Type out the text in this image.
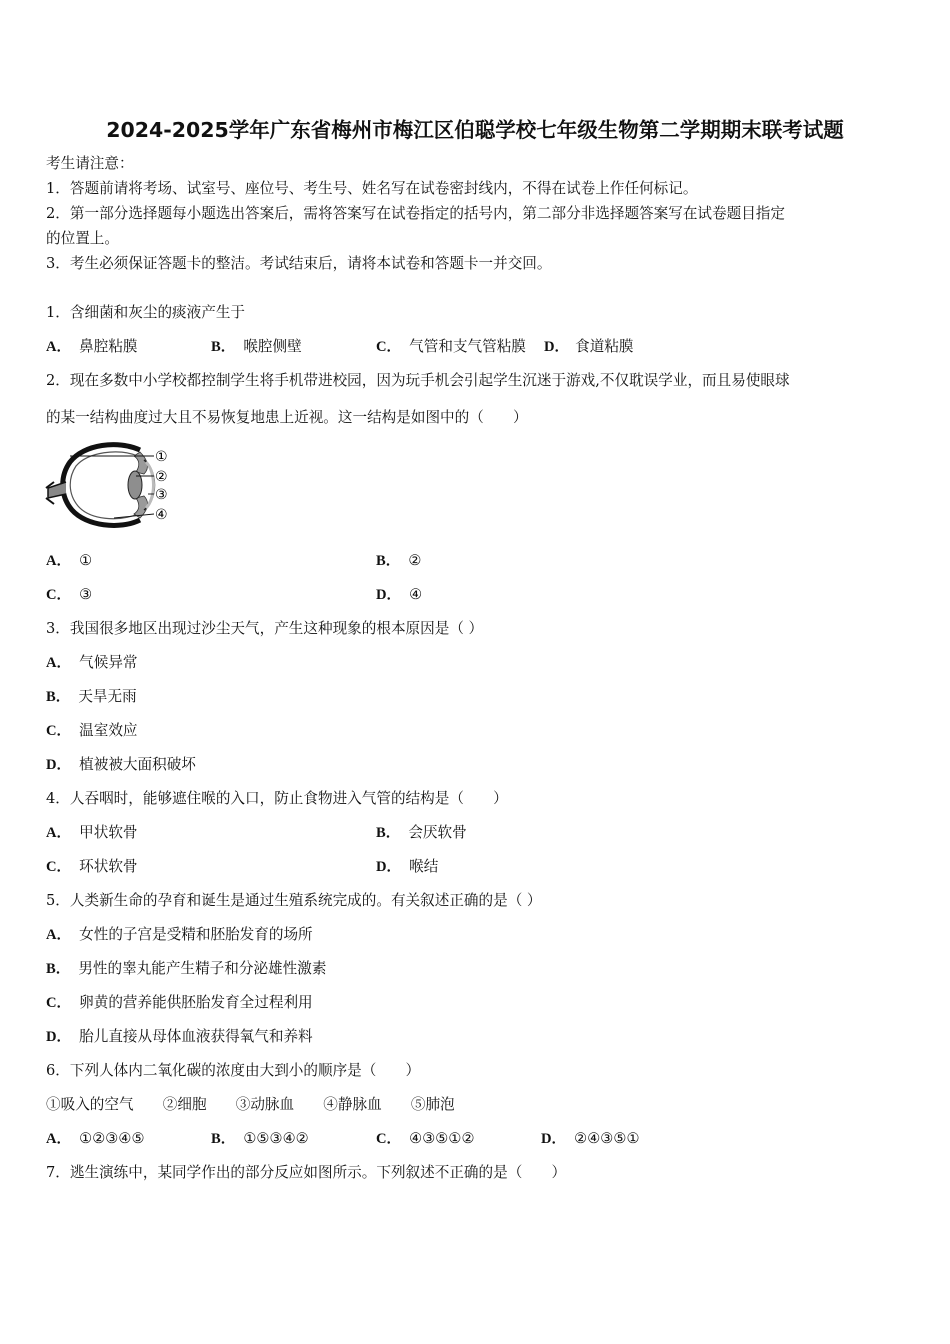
2024-2025学年广东省梅州市梅江区伯聪学校七年级生物第二学期期末联考试题
考生请注意：
1．答题前请将考场、试室号、座位号、考生号、姓名写在试卷密封线内，不得在试卷上作任何标记。
2．第一部分选择题每小题选出答案后，需将答案写在试卷指定的括号内，第二部分非选择题答案写在试卷题目指定
的位置上。
3．考生必须保证答题卡的整洁。考试结束后，请将本试卷和答题卡一并交回。
1．含细菌和灰尘的痰液产生于
A． 鼻腔粘膜	B． 喉腔侧壁	C． 气管和支气管粘膜 D． 食道粘膜
2．现在多数中小学校都控制学生将手机带进校园，因为玩手机会引起学生沉迷于游戏,不仅耽误学业，而且易使眼球
的某一结构曲度过大且不易恢复地患上近视。这一结构是如图中的（　　）
①
②
③
④
A． ①	B． ②
C． ③	D． ④
3．我国很多地区出现过沙尘天气，产生这种现象的根本原因是（ ）
A． 气候异常
B． 天旱无雨
C． 温室效应
D． 植被被大面积破坏
4．人吞咽时，能够遮住喉的入口，防止食物进入气管的结构是（　　）
A． 甲状软骨	B． 会厌软骨
C． 环状软骨	D． 喉结
5．人类新生命的孕育和诞生是通过生殖系统完成的。有关叙述正确的是（ ）
A． 女性的子宫是受精和胚胎发育的场所
B． 男性的睾丸能产生精子和分泌雄性激素
C． 卵黄的营养能供胚胎发育全过程利用
D． 胎儿直接从母体血液获得氧气和养料
6．下列人体内二氧化碳的浓度由大到小的顺序是（　　）
①吸入的空气　　②细胞　　③动脉血　　④静脉血　　⑤肺泡
A． ①②③④⑤	B． ①⑤③④②	C． ④③⑤①②	D． ②④③⑤①
7．逃生演练中，某同学作出的部分反应如图所示。下列叙述不正确的是（　　）
